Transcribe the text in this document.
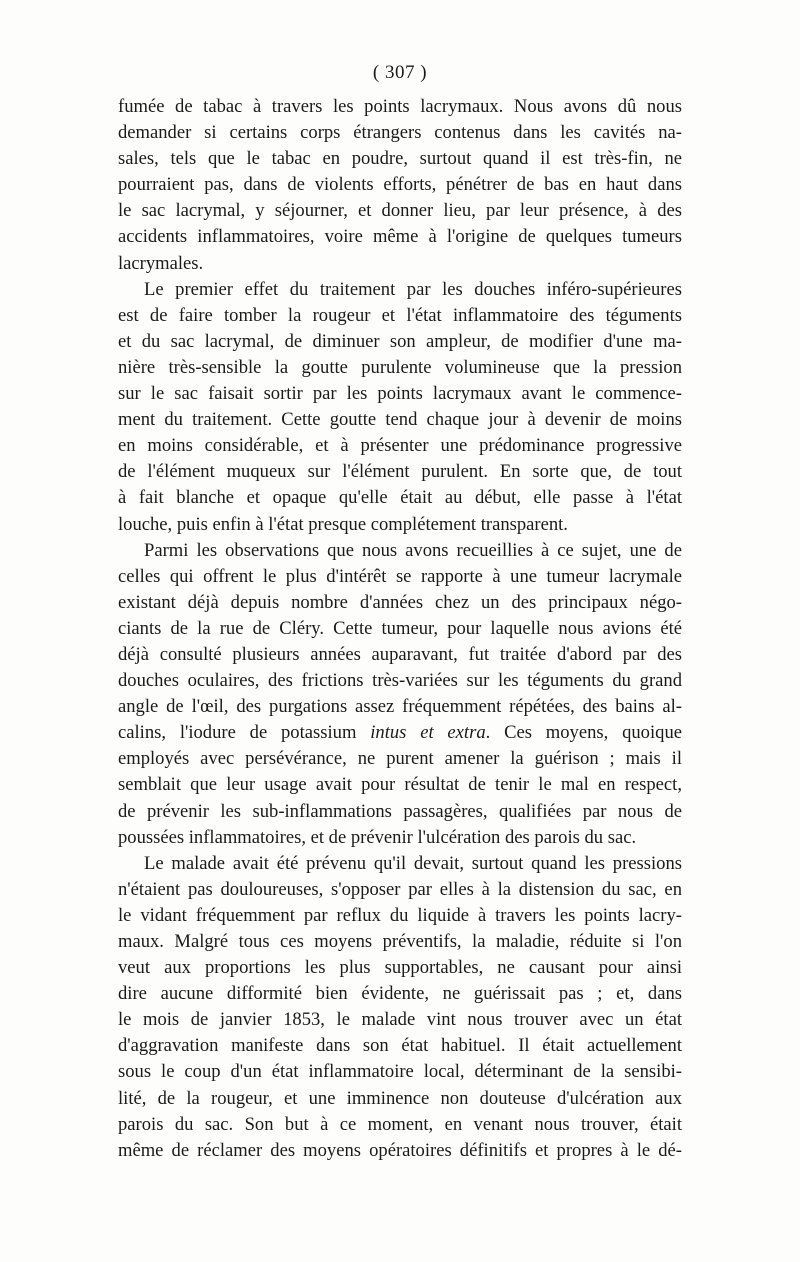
( 307 )
fumée de tabac à travers les points lacrymaux. Nous avons dû nous
demander si certains corps étrangers contenus dans les cavités na-
sales, tels que le tabac en poudre, surtout quand il est très-fin, ne
pourraient pas, dans de violents efforts, pénétrer de bas en haut dans
le sac lacrymal, y séjourner, et donner lieu, par leur présence, à des
accidents inflammatoires, voire même à l'origine de quelques tumeurs
lacrymales.
Le premier effet du traitement par les douches inféro-supérieures
est de faire tomber la rougeur et l'état inflammatoire des téguments
et du sac lacrymal, de diminuer son ampleur, de modifier d'une ma-
nière très-sensible la goutte purulente volumineuse que la pression
sur le sac faisait sortir par les points lacrymaux avant le commence-
ment du traitement. Cette goutte tend chaque jour à devenir de moins
en moins considérable, et à présenter une prédominance progressive
de l'élément muqueux sur l'élément purulent. En sorte que, de tout
à fait blanche et opaque qu'elle était au début, elle passe à l'état
louche, puis enfin à l'état presque complétement transparent.
Parmi les observations que nous avons recueillies à ce sujet, une de
celles qui offrent le plus d'intérêt se rapporte à une tumeur lacrymale
existant déjà depuis nombre d'années chez un des principaux négo-
ciants de la rue de Cléry. Cette tumeur, pour laquelle nous avions été
déjà consulté plusieurs années auparavant, fut traitée d'abord par des
douches oculaires, des frictions très-variées sur les téguments du grand
angle de l'œil, des purgations assez fréquemment répétées, des bains al-
calins, l'iodure de potassium intus et extra. Ces moyens, quoique
employés avec persévérance, ne purent amener la guérison ; mais il
semblait que leur usage avait pour résultat de tenir le mal en respect,
de prévenir les sub-inflammations passagères, qualifiées par nous de
poussées inflammatoires, et de prévenir l'ulcération des parois du sac.
Le malade avait été prévenu qu'il devait, surtout quand les pressions
n'étaient pas douloureuses, s'opposer par elles à la distension du sac, en
le vidant fréquemment par reflux du liquide à travers les points lacry-
maux. Malgré tous ces moyens préventifs, la maladie, réduite si l'on
veut aux proportions les plus supportables, ne causant pour ainsi
dire aucune difformité bien évidente, ne guérissait pas ; et, dans
le mois de janvier 1853, le malade vint nous trouver avec un état
d'aggravation manifeste dans son état habituel. Il était actuellement
sous le coup d'un état inflammatoire local, déterminant de la sensibi-
lité, de la rougeur, et une imminence non douteuse d'ulcération aux
parois du sac. Son but à ce moment, en venant nous trouver, était
même de réclamer des moyens opératoires définitifs et propres à le dé-
